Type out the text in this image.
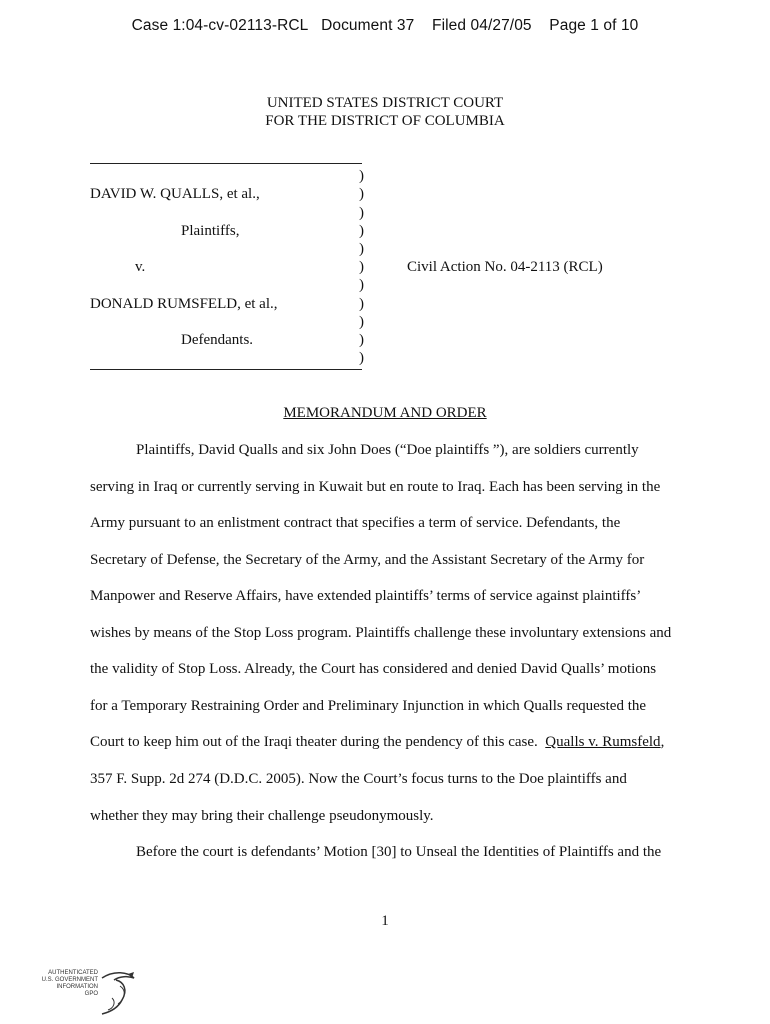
Case 1:04-cv-02113-RCL Document 37 Filed 04/27/05 Page 1 of 10
UNITED STATES DISTRICT COURT
FOR THE DISTRICT OF COLUMBIA
)
)
)
)
)
)
)
)
)
)
)
DAVID W. QUALLS, et al.,
Plaintiffs,
v.	Civil Action No. 04-2113 (RCL)
DONALD RUMSFELD, et al.,
Defendants.
MEMORANDUM AND ORDER
Plaintiffs, David Qualls and six John Does (“Doe plaintiffs ”), are soldiers currently
serving in Iraq or currently serving in Kuwait but en route to Iraq. Each has been serving in the
Army pursuant to an enlistment contract that specifies a term of service. Defendants, the
Secretary of Defense, the Secretary of the Army, and the Assistant Secretary of the Army for
Manpower and Reserve Affairs, have extended plaintiffs’ terms of service against plaintiffs’
wishes by means of the Stop Loss program. Plaintiffs challenge these involuntary extensions and
the validity of Stop Loss. Already, the Court has considered and denied David Qualls’ motions
for a Temporary Restraining Order and Preliminary Injunction in which Qualls requested the
Court to keep him out of the Iraqi theater during the pendency of this case.  Qualls v. Rumsfeld,
357 F. Supp. 2d 274 (D.D.C. 2005). Now the Court’s focus turns to the Doe plaintiffs and
whether they may bring their challenge pseudonymously.
Before the court is defendants’ Motion [30] to Unseal the Identities of Plaintiffs and the
1
AUTHENTICATED
U.S. GOVERNMENT
INFORMATION
GPO
